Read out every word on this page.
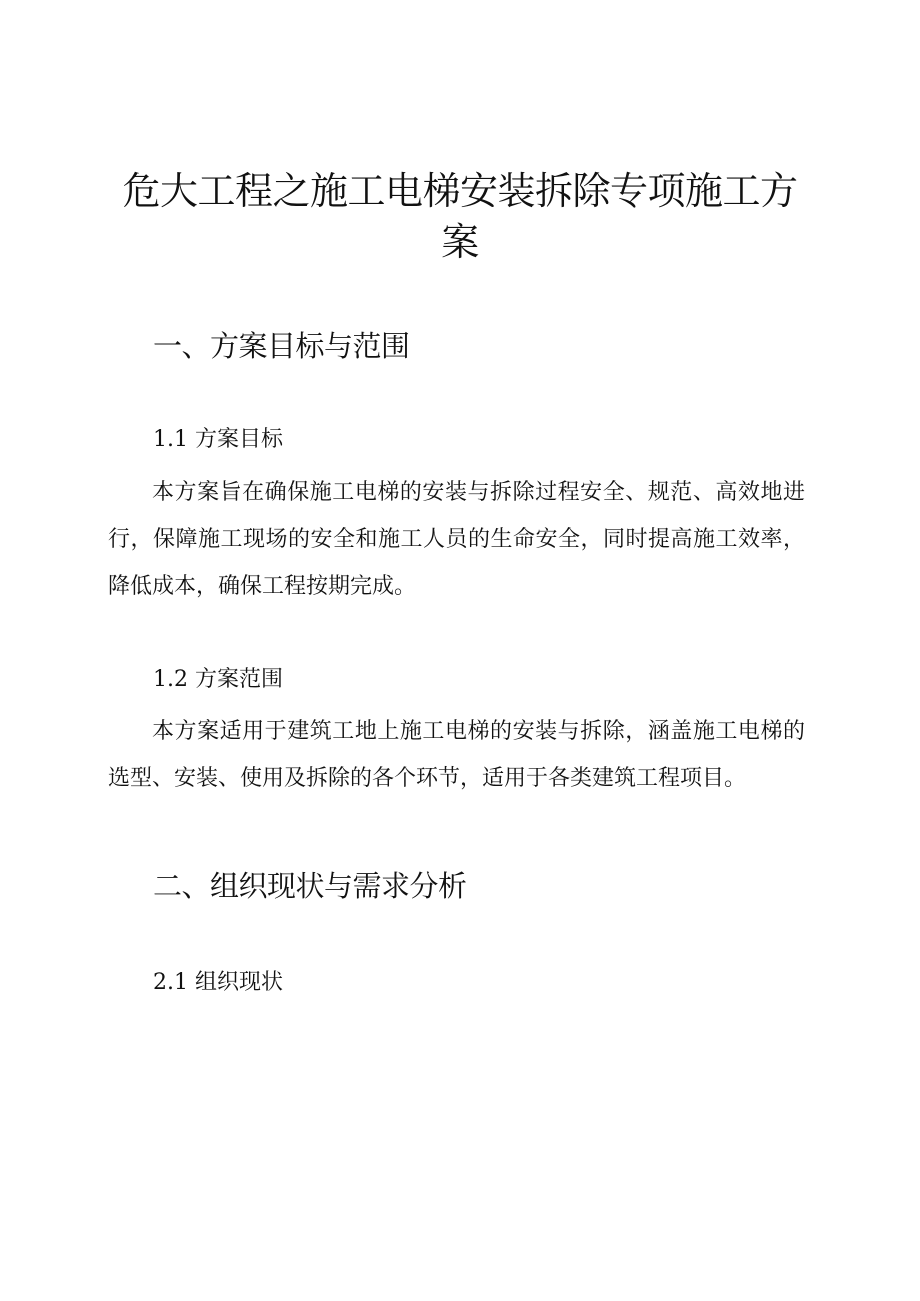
危大工程之施工电梯安装拆除专项施工方案
一、方案目标与范围
1.1 方案目标

本方案旨在确保施工电梯的安装与拆除过程安全、规范、高效地进行，保障施工现场的安全和施工人员的生命安全，同时提高施工效率，降低成本，确保工程按期完成。

1.2 方案范围

本方案适用于建筑工地上施工电梯的安装与拆除，涵盖施工电梯的选型、安装、使用及拆除的各个环节，适用于各类建筑工程项目。

二、组织现状与需求分析
2.1 组织现状
